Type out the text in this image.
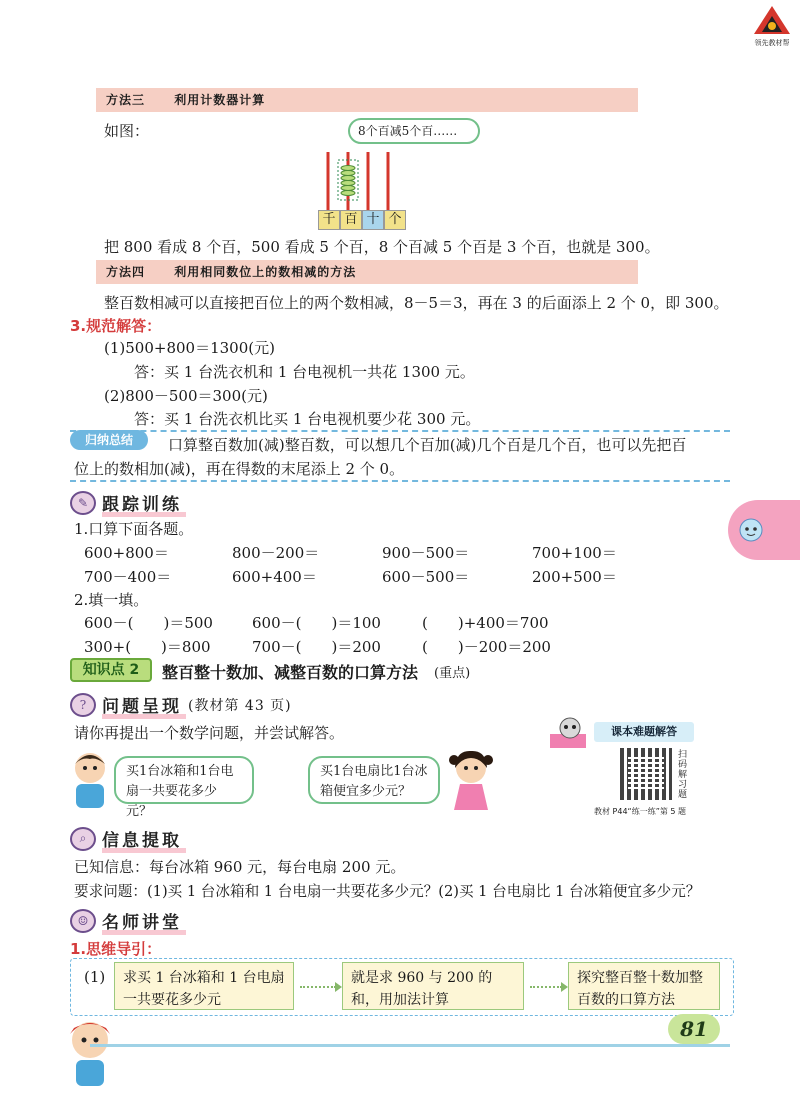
领先教材帮
方法三 利用计数器计算
如图：	8个百减5个百……
千 百 十 个
把 800 看成 8 个百，500 看成 5 个百，8 个百减 5 个百是 3 个百，也就是 300。
方法四 利用相同数位上的数相减的方法
整百数相减可以直接把百位上的两个数相减，8－5＝3，再在 3 的后面添上 2 个 0，即 300。
3.规范解答：
(1)500+800＝1300(元)
答：买 1 台洗衣机和 1 台电视机一共花 1300 元。
(2)800－500＝300(元)
答：买 1 台洗衣机比买 1 台电视机要少花 300 元。
归纳总结	口算整百数加(减)整百数，可以想几个百加(减)几个百是几个百，也可以先把百
位上的数相加(减)，再在得数的末尾添上 2 个 0。
✎ 跟踪训练
1.口算下面各题。
600+800＝	800－200＝	900－500＝	700+100＝
700－400＝	600+400＝	600－500＝	200+500＝
2.填一填。
600－(　　)＝500	600－(　　)＝100	(　　)+400＝700
300+(　　)＝800	700－(　　)＝200	(　　)－200＝200
知识点 2	整百整十数加、减整百数的口算方法 (重点)
? 问题呈现 (教材第 43 页)
请你再提出一个数学问题，并尝试解答。
买1台冰箱和1台电扇一共要花多少元？
买1台电扇比1台冰箱便宜多少元？
课本难题解答
扫码解习题
教材 P44“练一练”第 5 题
⌕ 信息提取
已知信息：每台冰箱 960 元，每台电扇 200 元。
要求问题：(1)买 1 台冰箱和 1 台电扇一共要花多少元？(2)买 1 台电扇比 1 台冰箱便宜多少元？
☺ 名师讲堂
1.思维导引：
(1)	求买 1 台冰箱和 1 台电扇一共要花多少元
就是求 960 与 200 的和，用加法计算
探究整百整十数加整百数的口算方法
81
